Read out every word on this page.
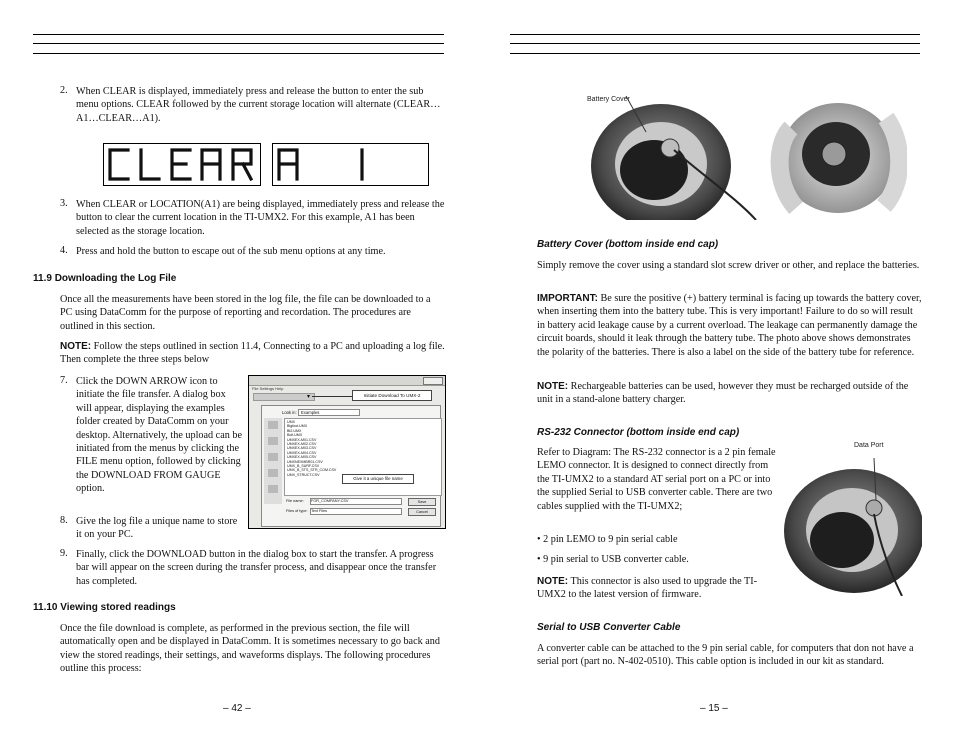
2. When CLEAR is displayed, immediately press and release the button to enter the sub menu options. CLEAR followed by the current storage location will alternate (CLEAR…A1…CLEAR…A1).

3. When CLEAR or LOCATION(A1) are being displayed, immediately press and release the button to clear the current location in the TI-UMX2. For this example, A1 has been selected as the storage location.

4. Press and hold the button to escape out of the sub menu options at any time.

11.9 Downloading the Log File

Once all the measurements have been stored in the log file, the file can be downloaded to a PC using DataComm for the purpose of reporting and recordation. The procedures are outlined in this section.

NOTE: Follow the steps outlined in section 11.4, Connecting to a PC and uploading a log file. Then complete the three steps below

7. Click the DOWN ARROW icon to initiate the file transfer. A dialog box will appear, displaying the examples folder created by DataComm on your desktop. Alternatively, the upload can be initiated from the menus by clicking the FILE menu option, followed by clicking the DOWNLOAD FROM GAUGE option.

File Settings Help
▾	Initiate Download To UMX-2
Look in:	Examples
UMX
Bigfoot.UMX
Bt2.UMX
Bolt.UMX
UMXEX-M01.CSV
UMXEX-M02.CSV
UMXEX-M03.CSV
UMXEX-M04.CSV
UMXEX-M05.CSV
UMXNEXMBR01.CSV
UMX_B_SURF.CSV
UMX_B_STS_STR_COM.CSV
UMX_STRUCT.CSV
Give it a unique file name
File name: FOR_COMPANY.CSV
Files of type: Text Files
Save
Cancel
8. Give the log file a unique name to store it on your PC.

9. Finally, click the DOWNLOAD button in the dialog box to start the transfer. A progress bar will appear on the screen during the transfer process, and disappear once the transfer has completed.

11.10 Viewing stored readings

Once the file download is complete, as performed in the previous section, the file will automatically open and be displayed in DataComm. It is sometimes necessary to go back and view the stored readings, their settings, and waveforms displays. The following procedures outline this process:

– 42 –
Battery Cover
Battery Cover (bottom inside end cap)

Simply remove the cover using a standard slot screw driver or other, and replace the batteries.

IMPORTANT: Be sure the positive (+) battery terminal is facing up towards the battery cover, when inserting them into the battery tube. This is very important! Failure to do so will result in battery acid leakage cause by a current overload. The leakage can permanently damage the circuit boards, should it leak through the battery tube. The photo above shows demonstrates the polarity of the batteries. There is also a label on the side of the battery tube for reference.

NOTE: Rechargeable batteries can be used, however they must be recharged outside of the unit in a stand-alone battery charger.

RS-232 Connector (bottom inside end cap)

Refer to Diagram: The RS-232 connector is a 2 pin female LEMO connector. It is designed to connect directly from the TI-UMX2 to a standard AT serial port on a PC or into the supplied Serial to USB converter cable. There are two cables supplied with the TI-UMX2;

• 2 pin LEMO to 9 pin serial cable

• 9 pin serial to USB converter cable.

NOTE: This connector is also used to upgrade the TI-UMX2 to the latest version of firmware.

Data Port
Serial to USB Converter Cable

A converter cable can be attached to the 9 pin serial cable, for computers that don not have a serial port (part no. N-402-0510). This cable option is included in our kit as standard.

– 15 –
